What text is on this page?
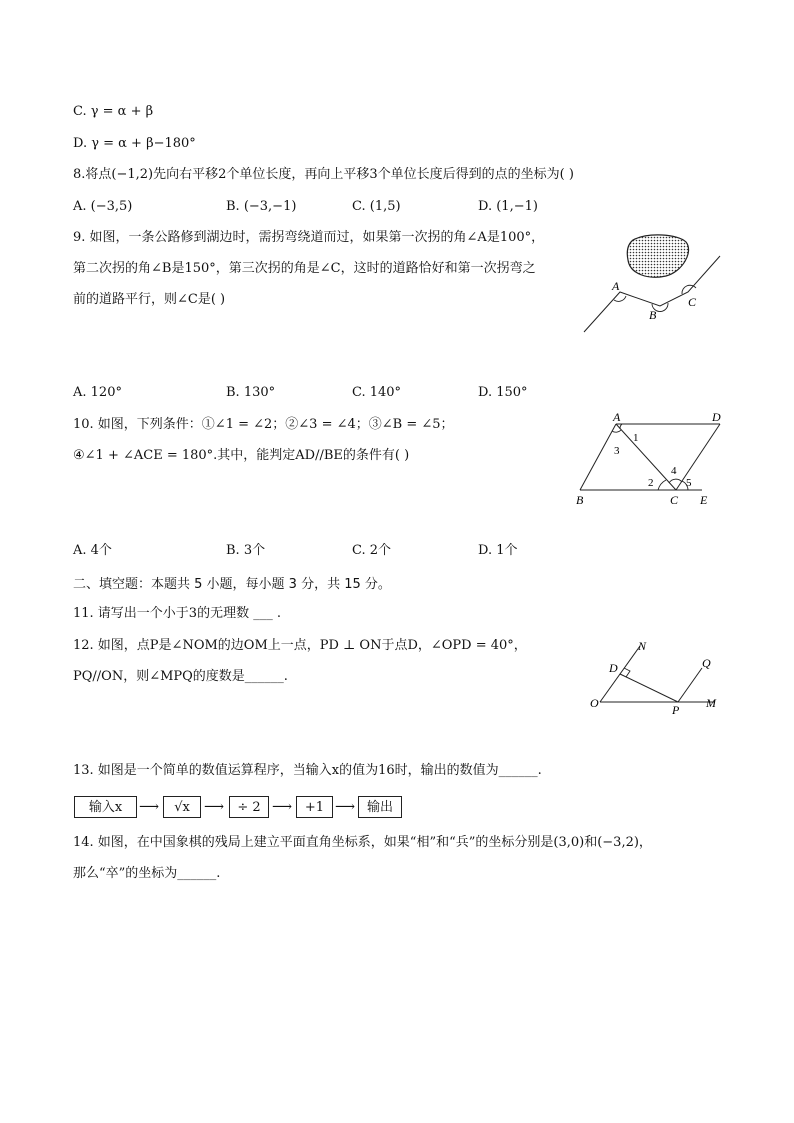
C. γ = α + β
D. γ = α + β−180°
8.将点(−1,2)先向右平移2个单位长度，再向上平移3个单位长度后得到的点的坐标为( )
A. (−3,5)	B. (−3,−1)	C. (1,5)	D. (1,−1)
9. 如图，一条公路修到湖边时，需拐弯绕道而过，如果第一次拐的角∠A是100°，
第二次拐的角∠B是150°，第三次拐的角是∠C，这时的道路恰好和第一次拐弯之
前的道路平行，则∠C是( )
A
B
C
A. 120°	B. 130°	C. 140°	D. 150°
10. 如图，下列条件：①∠1 = ∠2；②∠3 = ∠4；③∠B = ∠5；
④∠1 + ∠ACE = 180°.其中，能判定AD//BE的条件有( )
A	D
B	C E
1
2
3
4
5
A. 4个	B. 3个	C. 2个	D. 1个
二、填空题：本题共 5 小题，每小题 3 分，共 15 分。
11. 请写出一个小于3的无理数 ___ .
12. 如图，点P是∠NOM的边OM上一点，PD ⊥ ON于点D，∠OPD = 40°，
PQ//ON，则∠MPQ的度数是______.
N
Q
D
O	P M
13. 如图是一个简单的数值运算程序，当输入x的值为16时，输出的数值为______.
输入x	⟶	√x	⟶	÷ 2 ⟶ +1 ⟶ 输出
14. 如图，在中国象棋的残局上建立平面直角坐标系，如果“相”和“兵”的坐标分别是(3,0)和(−3,2)，
那么“卒”的坐标为______.
